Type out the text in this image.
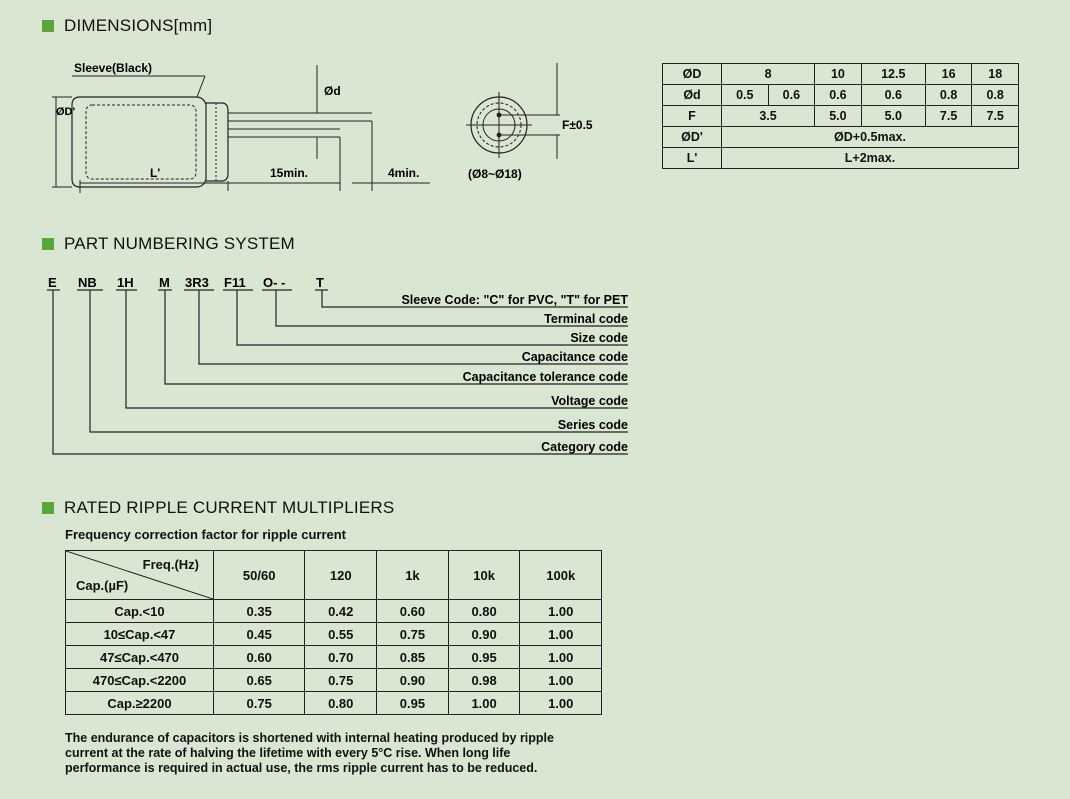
DIMENSIONS[mm]
Sleeve(Black)
ØD'
Ød
L'	15min.	4min.
F±0.5
(Ø8~Ø18)
ØD	8		10	12.5	16	18
Ød	0.5	0.6	0.6	0.6	0.8	0.8
F	3.5		5.0	5.0	7.5	7.5
ØD'	ØD+0.5max.					
L'	L+2max.					
PART NUMBERING SYSTEM
E NB 1H M 3R3 F11 O- - T
Sleeve Code: "C" for PVC, "T" for PET
Terminal code
Size code
Capacitance code
Capacitance tolerance code
Voltage code
Series code
Category code
RATED RIPPLE CURRENT MULTIPLIERS
Frequency correction factor for ripple current
Freq.(Hz)
Cap.(µF)	50/60	120	1k	10k	100k
Cap.<10	0.35	0.42	0.60	0.80	1.00
10≤Cap.<47	0.45	0.55	0.75	0.90	1.00
47≤Cap.<470	0.60	0.70	0.85	0.95	1.00
470≤Cap.<2200	0.65	0.75	0.90	0.98	1.00
Cap.≥2200	0.75	0.80	0.95	1.00	1.00
The endurance of capacitors is shortened with internal heating produced by ripple
current at the rate of halving the lifetime with every 5°C rise. When long life
performance is required in actual use, the rms ripple current has to be reduced.
